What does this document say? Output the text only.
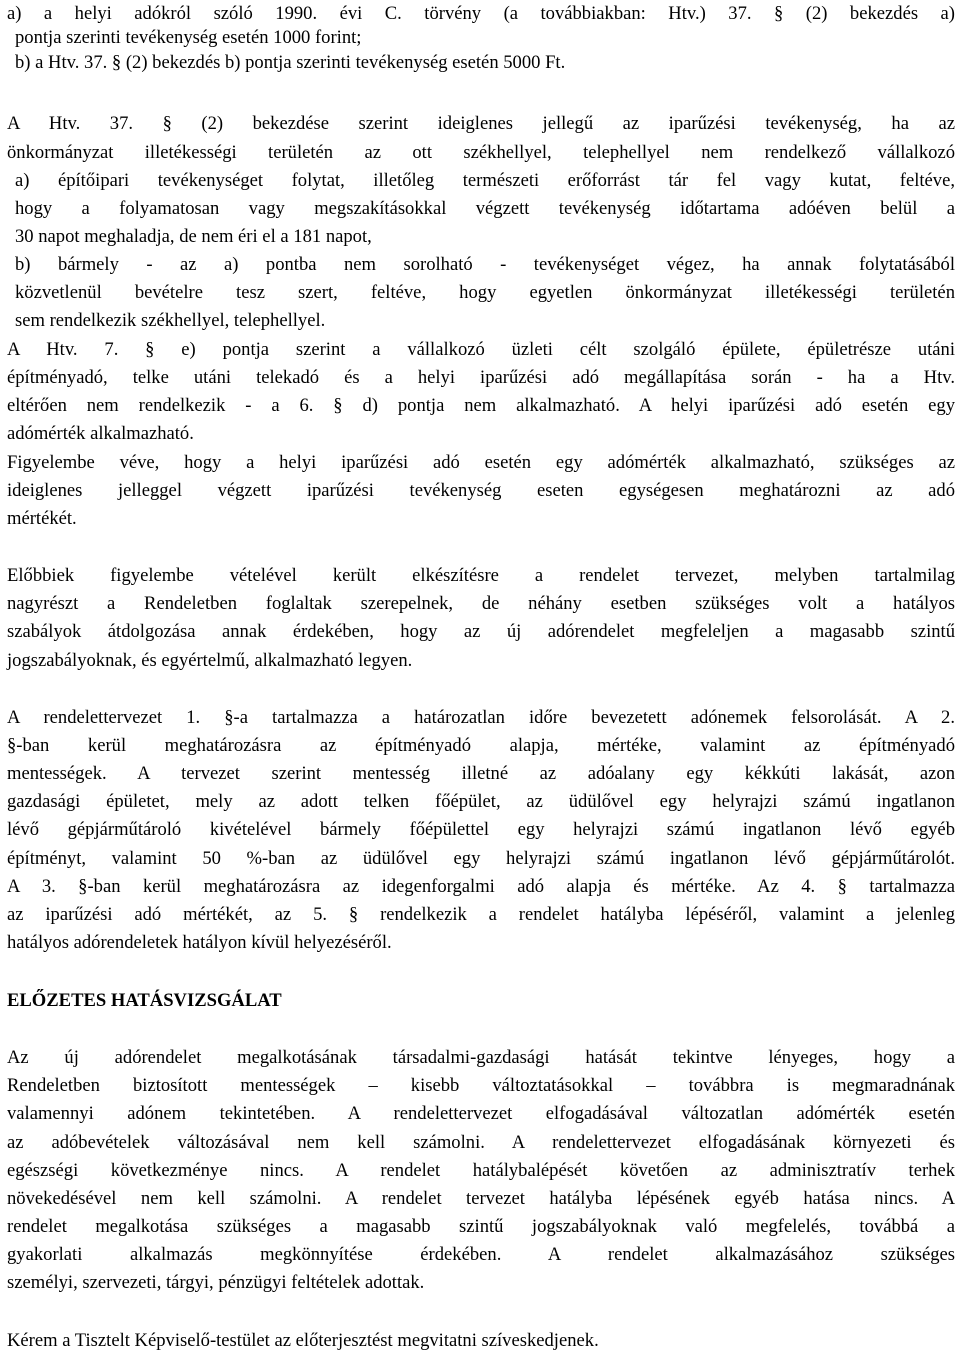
a) a helyi adókról szóló 1990. évi C. törvény (a továbbiakban: Htv.) 37. § (2) bekezdés a)
pontja szerinti tevékenység esetén 1000 forint;
b) a Htv. 37. § (2) bekezdés b) pontja szerinti tevékenység esetén 5000 Ft.
A Htv. 37. § (2) bekezdése szerint ideiglenes jellegű az iparűzési tevékenység, ha az
önkormányzat illetékességi területén az ott székhellyel, telephellyel nem rendelkező vállalkozó
a) építőipari tevékenységet folytat, illetőleg természeti erőforrást tár fel vagy kutat, feltéve,
hogy a folyamatosan vagy megszakításokkal végzett tevékenység időtartama adóéven belül a
30 napot meghaladja, de nem éri el a 181 napot,
b) bármely - az a) pontba nem sorolható - tevékenységet végez, ha annak folytatásából
közvetlenül bevételre tesz szert, feltéve, hogy egyetlen önkormányzat illetékességi területén
sem rendelkezik székhellyel, telephellyel.
A Htv. 7. § e) pontja szerint a vállalkozó üzleti célt szolgáló épülete, épületrésze utáni
építményadó, telke utáni telekadó és a helyi iparűzési adó megállapítása során - ha a Htv.
eltérően nem rendelkezik - a 6. § d) pontja nem alkalmazható. A helyi iparűzési adó esetén egy
adómérték alkalmazható.
Figyelembe véve, hogy a helyi iparűzési adó esetén egy adómérték alkalmazható, szükséges az
ideiglenes jelleggel végzett iparűzési tevékenység eseten egységesen meghatározni az adó
mértékét.
Előbbiek figyelembe vételével került elkészítésre a rendelet tervezet, melyben tartalmilag
nagyrészt a Rendeletben foglaltak szerepelnek, de néhány esetben szükséges volt a hatályos
szabályok átdolgozása annak érdekében, hogy az új adórendelet megfeleljen a magasabb szintű
jogszabályoknak, és egyértelmű, alkalmazható legyen.
A rendelettervezet 1. §-a tartalmazza a határozatlan időre bevezetett adónemek felsorolását. A 2.
§-ban kerül meghatározásra az építményadó alapja, mértéke, valamint az építményadó
mentességek. A tervezet szerint mentesség illetné az adóalany egy kékkúti lakását, azon
gazdasági épületet, mely az adott telken főépület, az üdülővel egy helyrajzi számú ingatlanon
lévő gépjárműtároló kivételével bármely főépülettel egy helyrajzi számú ingatlanon lévő egyéb
építményt, valamint 50 %-ban az üdülővel egy helyrajzi számú ingatlanon lévő gépjárműtárolót.
A 3. §-ban kerül meghatározásra az idegenforgalmi adó alapja és mértéke. Az 4. § tartalmazza
az iparűzési adó mértékét, az 5. § rendelkezik a rendelet hatályba lépéséről, valamint a jelenleg
hatályos adórendeletek hatályon kívül helyezéséről.
ELŐZETES HATÁSVIZSGÁLAT
Az új adórendelet megalkotásának társadalmi-gazdasági hatását tekintve lényeges, hogy a
Rendeletben biztosított mentességek – kisebb változtatásokkal – továbbra is megmaradnának
valamennyi adónem tekintetében. A rendelettervezet elfogadásával változatlan adómérték esetén
az adóbevételek változásával nem kell számolni. A rendelettervezet elfogadásának környezeti és
egészségi következménye nincs. A rendelet hatálybalépését követően az adminisztratív terhek
növekedésével nem kell számolni. A rendelet tervezet hatályba lépésének egyéb hatása nincs. A
rendelet megalkotása szükséges a magasabb szintű jogszabályoknak való megfelelés, továbbá a
gyakorlati alkalmazás megkönnyítése érdekében. A rendelet alkalmazásához szükséges
személyi, szervezeti, tárgyi, pénzügyi feltételek adottak.
Kérem a Tisztelt Képviselő-testület az előterjesztést megvitatni szíveskedjenek.
